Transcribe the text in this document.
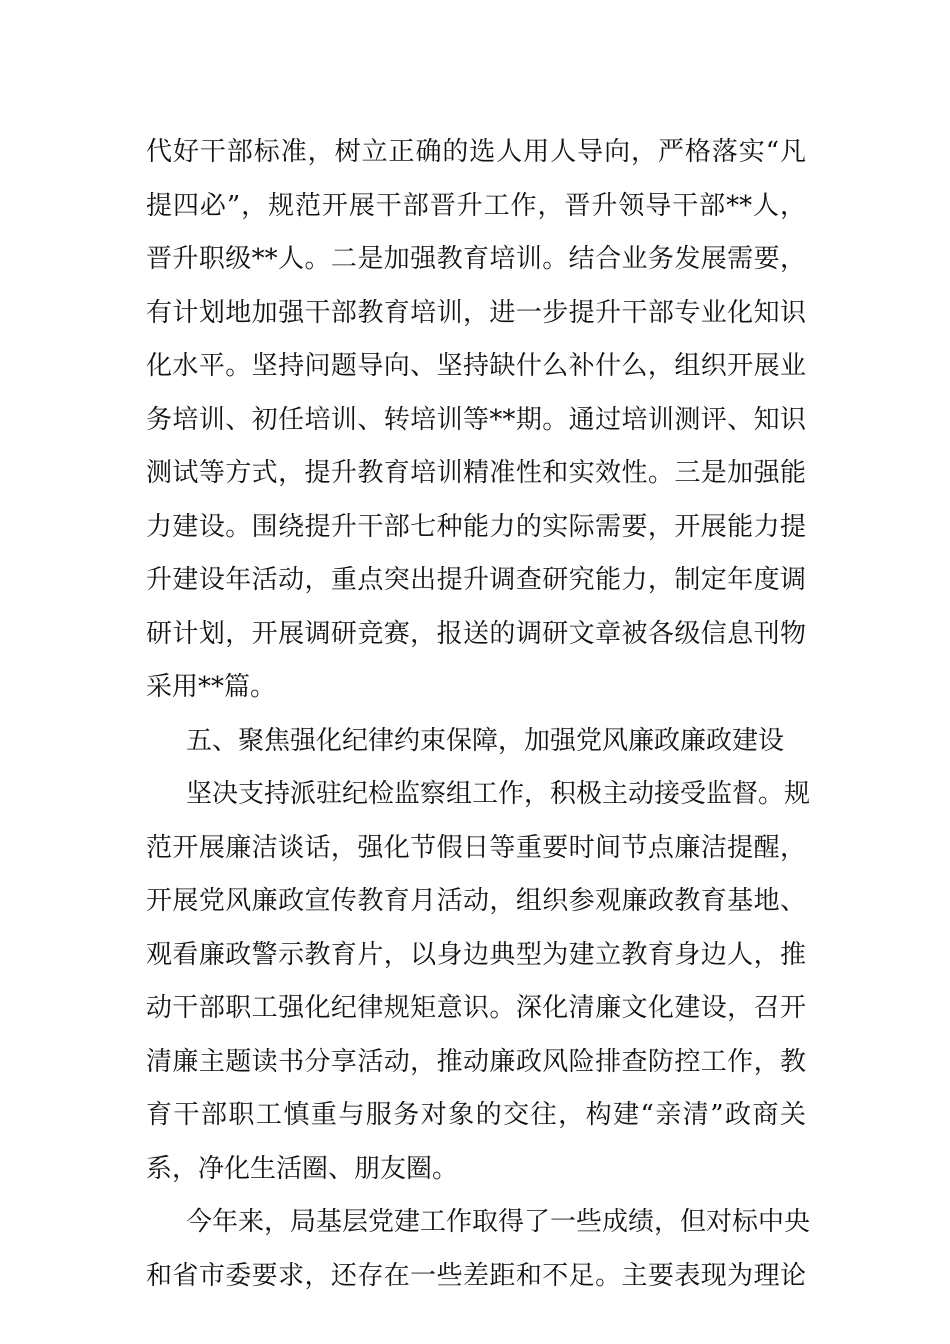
代好干部标准，树立正确的选人用人导向，严格落实“凡
提四必”，规范开展干部晋升工作，晋升领导干部**人，
晋升职级**人。二是加强教育培训。结合业务发展需要，
有计划地加强干部教育培训，进一步提升干部专业化知识
化水平。坚持问题导向、坚持缺什么补什么，组织开展业
务培训、初任培训、转培训等**期。通过培训测评、知识
测试等方式，提升教育培训精准性和实效性。三是加强能
力建设。围绕提升干部七种能力的实际需要，开展能力提
升建设年活动，重点突出提升调查研究能力，制定年度调
研计划，开展调研竞赛，报送的调研文章被各级信息刊物
采用**篇。
五、聚焦强化纪律约束保障，加强党风廉政廉政建设
坚决支持派驻纪检监察组工作，积极主动接受监督。规
范开展廉洁谈话，强化节假日等重要时间节点廉洁提醒，
开展党风廉政宣传教育月活动，组织参观廉政教育基地、
观看廉政警示教育片，以身边典型为建立教育身边人，推
动干部职工强化纪律规矩意识。深化清廉文化建设，召开
清廉主题读书分享活动，推动廉政风险排查防控工作，教
育干部职工慎重与服务对象的交往，构建“亲清”政商关
系，净化生活圈、朋友圈。
今年来，局基层党建工作取得了一些成绩，但对标中央
和省市委要求，还存在一些差距和不足。主要表现为理论
